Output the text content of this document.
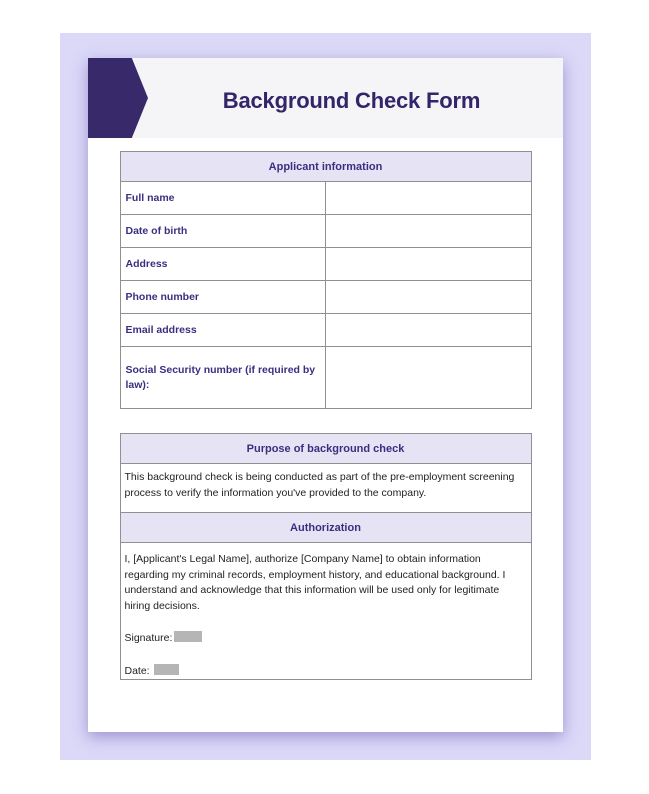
Background Check Form
Applicant information	
Full name	
Date of birth	
Address	
Phone number	
Email address	
Social Security number (if required by law):	
Purpose of background check
This background check is being conducted as part of the pre-employment screening process to verify the information you've provided to the company.
Authorization

I, [Applicant's Legal Name], authorize [Company Name] to obtain information regarding my criminal records, employment history, and educational background. I understand and acknowledge that this information will be used only for legitimate hiring decisions.

Signature:
Date:
